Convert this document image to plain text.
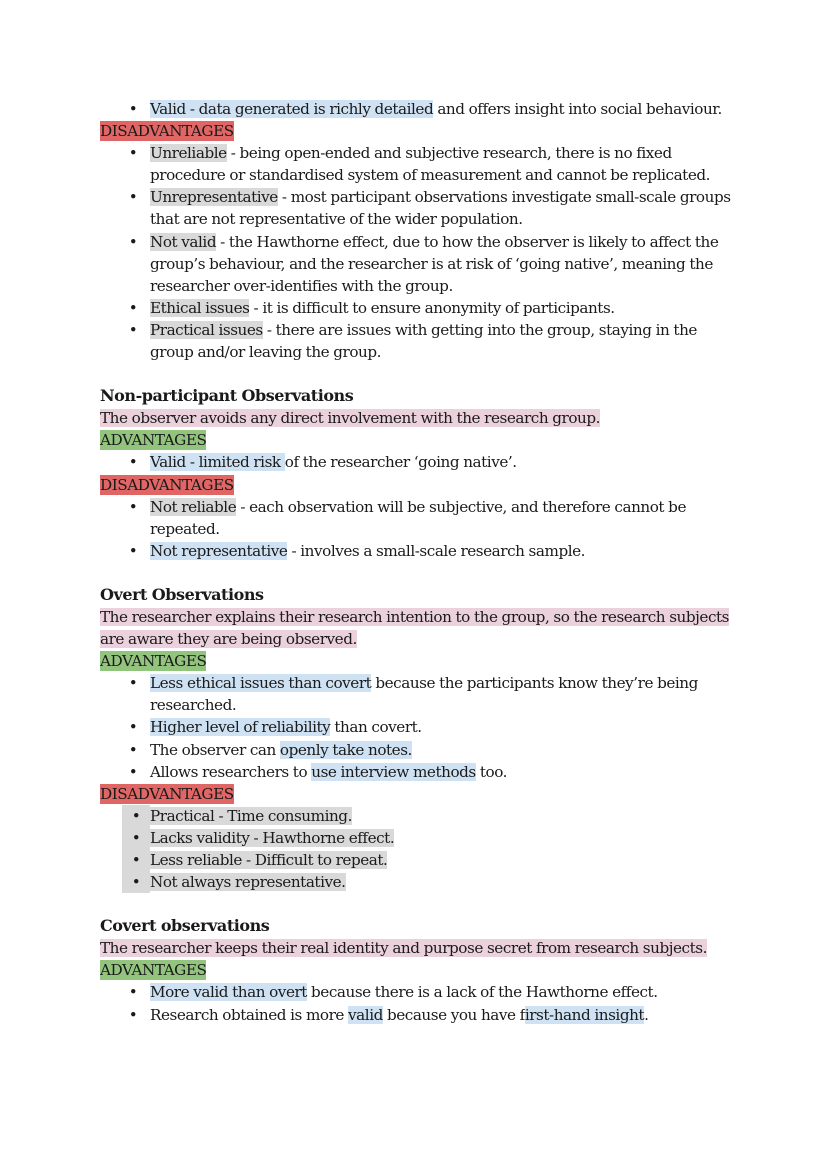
• Valid - data generated is richly detailed and offers insight into social behaviour.
DISADVANTAGES
• Unreliable - being open-ended and subjective research, there is no fixed procedure or standardised system of measurement and cannot be replicated.
• Unrepresentative - most participant observations investigate small-scale groups that are not representative of the wider population.
• Not valid - the Hawthorne effect, due to how the observer is likely to affect the group’s behaviour, and the researcher is at risk of ‘going native’, meaning the researcher over-identifies with the group.
• Ethical issues - it is difficult to ensure anonymity of participants.
• Practical issues - there are issues with getting into the group, staying in the group and/or leaving the group.
Non-participant Observations
The observer avoids any direct involvement with the research group.
ADVANTAGES
• Valid - limited risk of the researcher ‘going native’.
DISADVANTAGES
• Not reliable - each observation will be subjective, and therefore cannot be repeated.
• Not representative - involves a small-scale research sample.
Overt Observations
The researcher explains their research intention to the group, so the research subjects are aware they are being observed.
ADVANTAGES
• Less ethical issues than covert because the participants know they’re being researched.
• Higher level of reliability than covert.
• The observer can openly take notes.
• Allows researchers to use interview methods too.
DISADVANTAGES
• Practical - Time consuming.
• Lacks validity - Hawthorne effect.
• Less reliable - Difficult to repeat.
• Not always representative.
Covert observations
The researcher keeps their real identity and purpose secret from research subjects.
ADVANTAGES
• More valid than overt because there is a lack of the Hawthorne effect.
• Research obtained is more valid because you have first-hand insight.
